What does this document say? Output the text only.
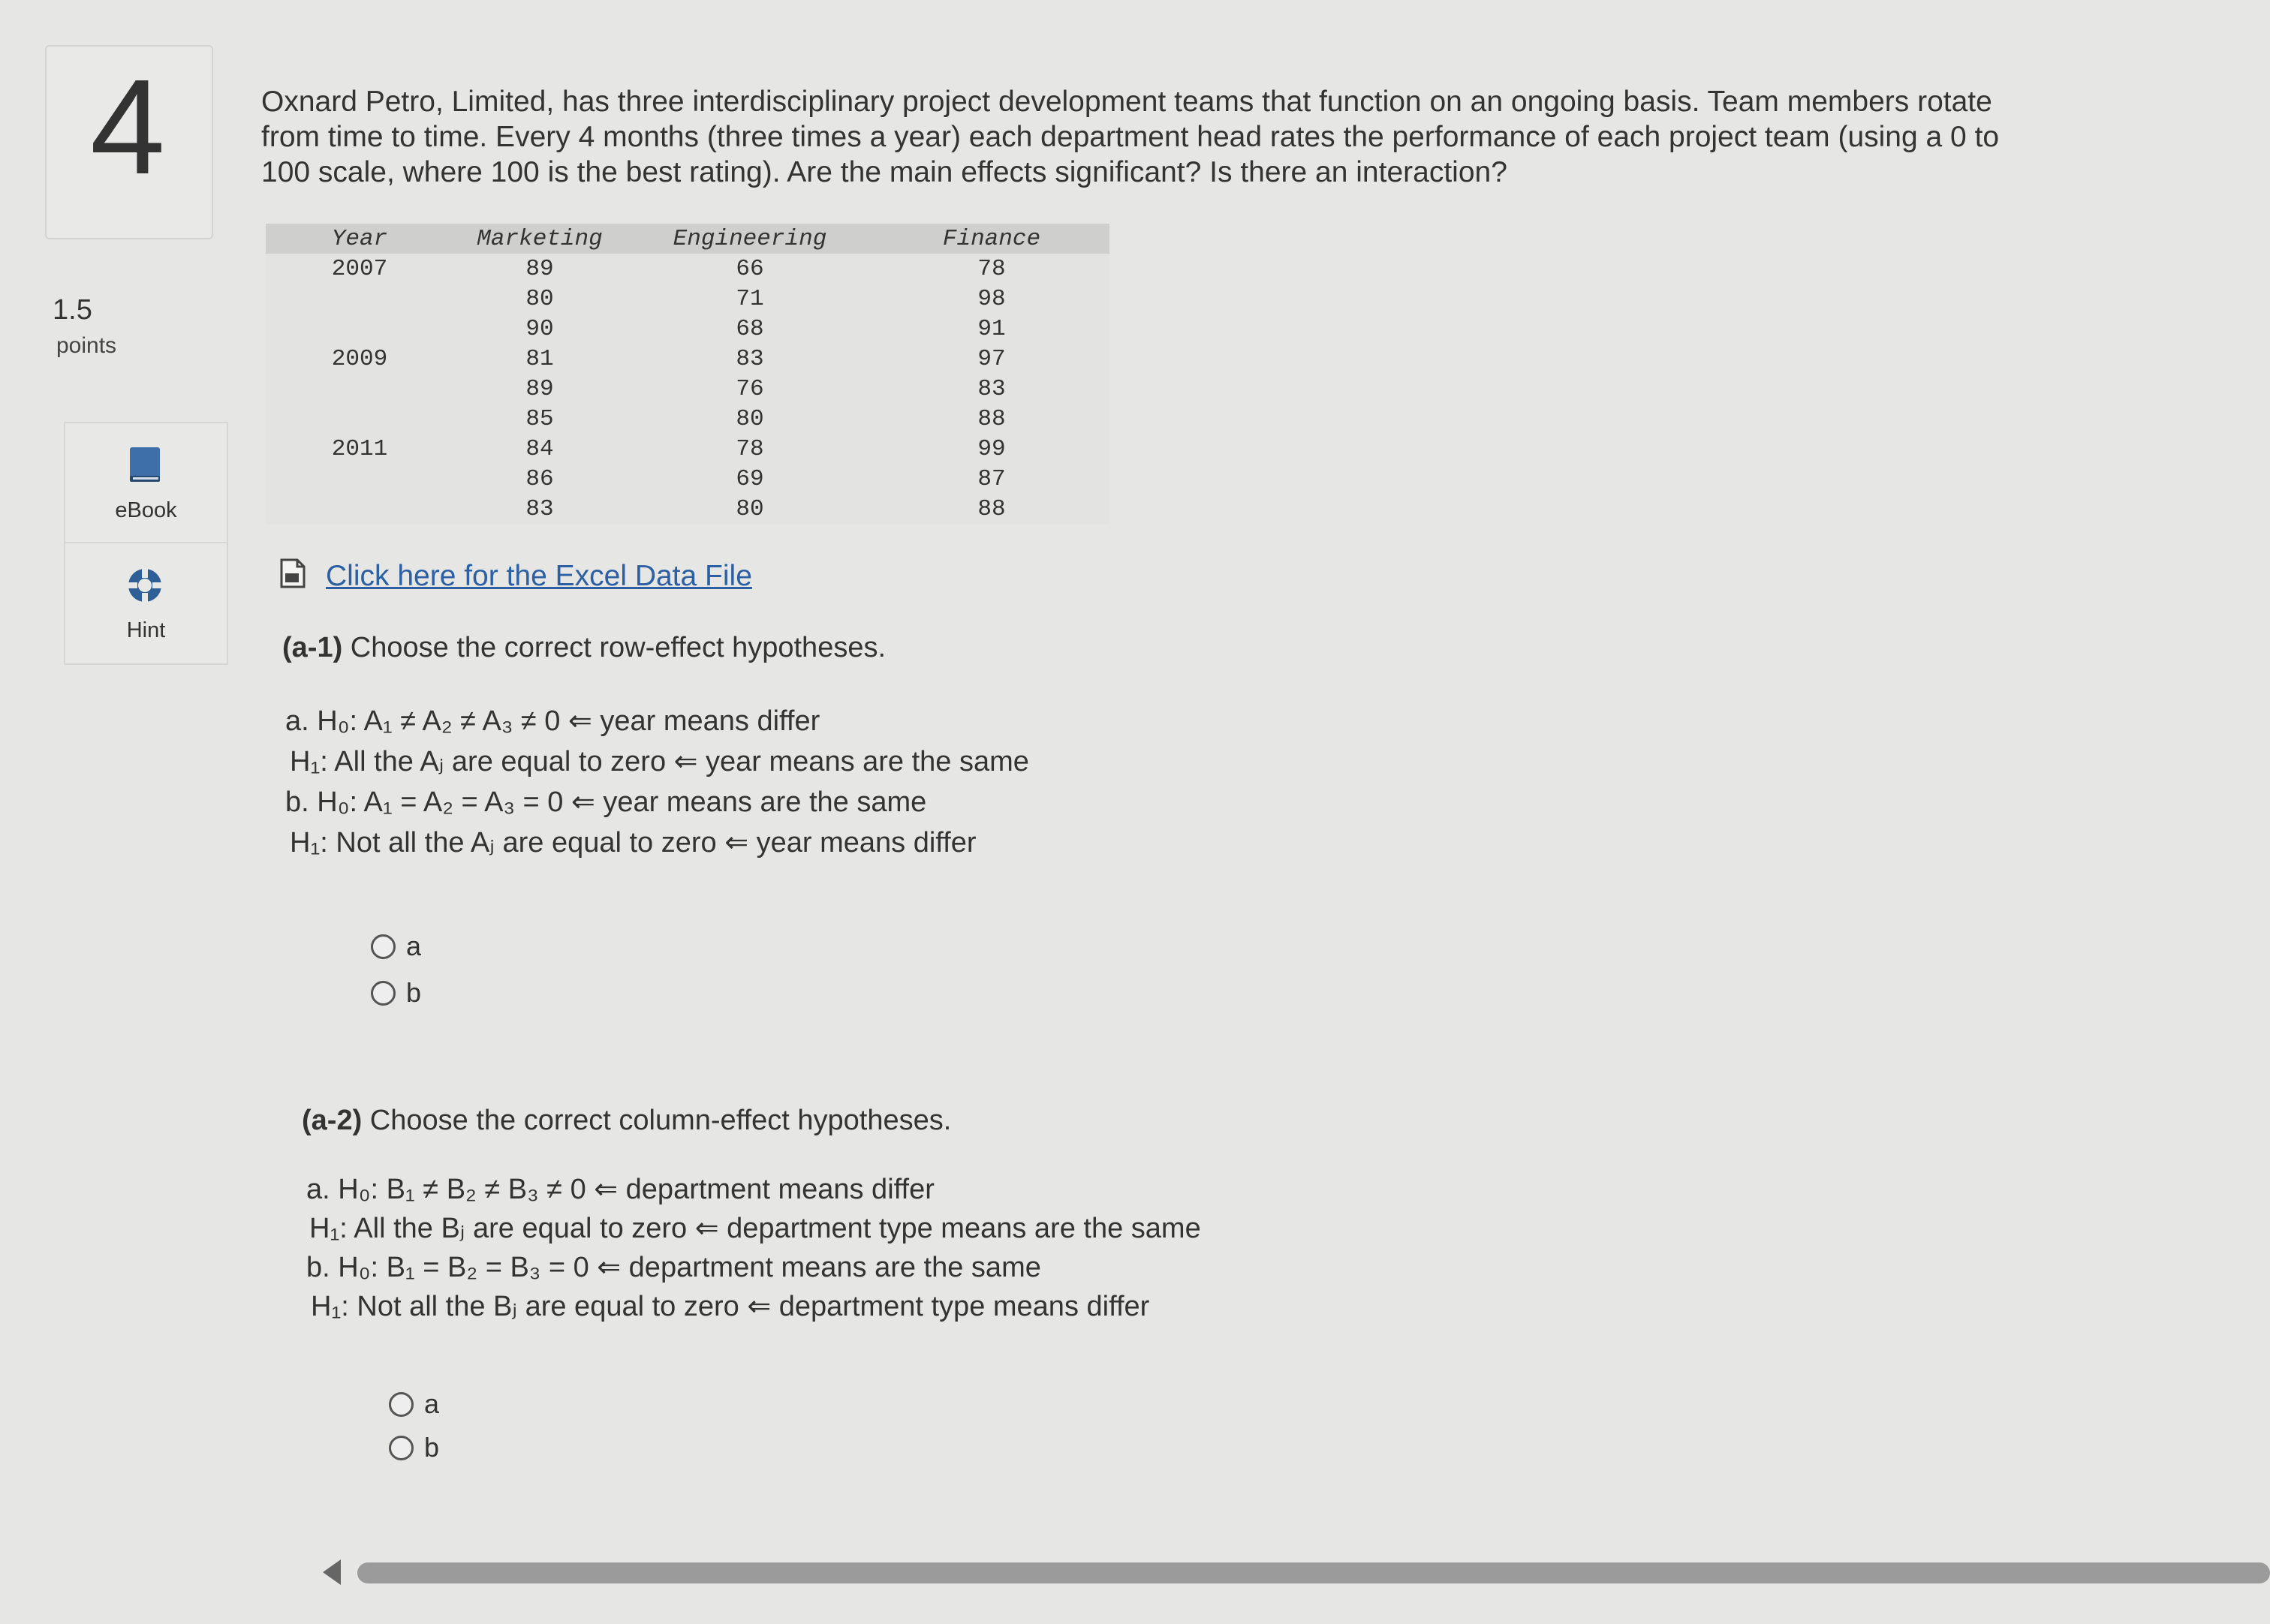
4
1.5
points
eBook
Hint

Oxnard Petro, Limited, has three interdisciplinary project development teams that function on an ongoing basis. Team members rotate

from time to time. Every 4 months (three times a year) each department head rates the performance of each project team (using a 0 to

100 scale, where 100 is the best rating). Are the main effects significant? Is there an interaction?

Year	Marketing	Engineering	Finance
2007	89	66	78
	80	71	98
	90	68	91
2009	81	83	97
	89	76	83
	85	80	88
2011	84	78	99
	86	69	87
	83	80	88
Click here for the Excel Data File
(a-1) Choose the correct row-effect hypotheses.
a. H₀: A₁ ≠ A₂ ≠ A₃ ≠ 0 ⇐ year means differ
H₁: All the Aⱼ are equal to zero ⇐ year means are the same
b. H₀: A₁ = A₂ = A₃ = 0 ⇐ year means are the same
H₁: Not all the Aⱼ are equal to zero ⇐ year means differ
a
b
(a-2) Choose the correct column-effect hypotheses.
a. H₀: B₁ ≠ B₂ ≠ B₃ ≠ 0 ⇐ department means differ
H₁: All the Bⱼ are equal to zero ⇐ department type means are the same
b. H₀: B₁ = B₂ = B₃ = 0 ⇐ department means are the same
H₁: Not all the Bⱼ are equal to zero ⇐ department type means differ
a
b
